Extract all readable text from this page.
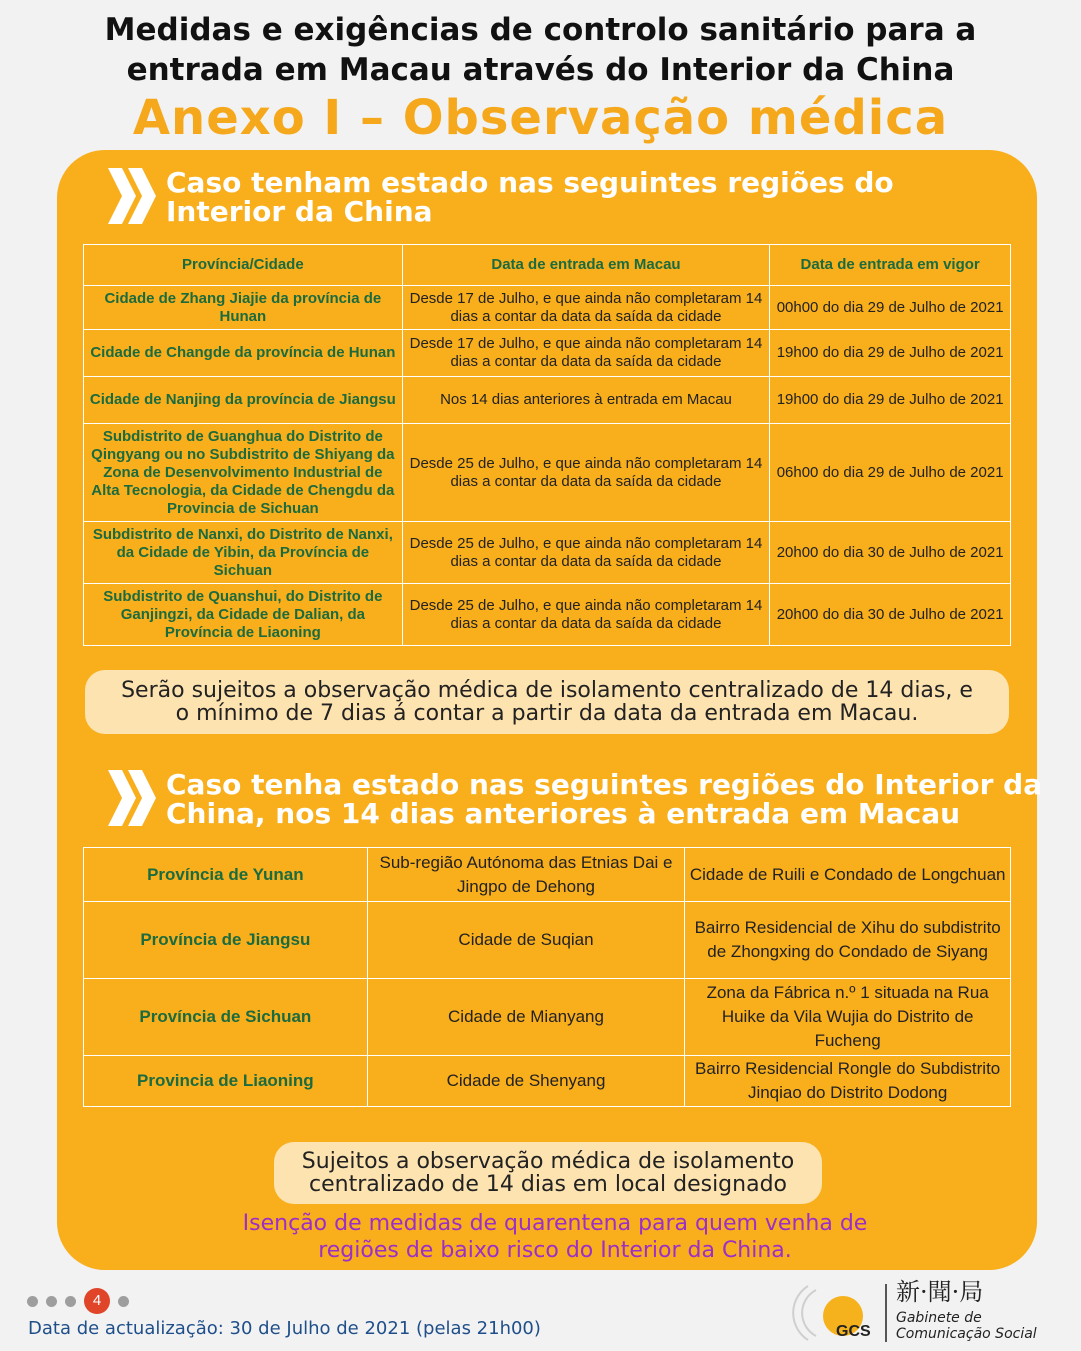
Medidas e exigências de controlo sanitário para a
entrada em Macau através do Interior da China
Anexo I – Observação médica
Caso tenham estado nas seguintes regiões do
Interior da China
Província/Cidade	Data de entrada em Macau	Data de entrada em vigor
Cidade de Zhang Jiajie da província de Hunan	Desde 17 de Julho, e que ainda não completaram 14 dias a contar da data da saída da cidade	00h00 do dia 29 de Julho de 2021
Cidade de Changde da província de Hunan	Desde 17 de Julho, e que ainda não completaram 14 dias a contar da data da saída da cidade	19h00 do dia 29 de Julho de 2021
Cidade de Nanjing da província de Jiangsu	Nos 14 dias anteriores à entrada em Macau	19h00 do dia 29 de Julho de 2021
Subdistrito de Guanghua do Distrito de Qingyang ou no Subdistrito de Shiyang da Zona de Desenvolvimento Industrial de Alta Tecnologia, da Cidade de Chengdu da Provincia de Sichuan	Desde 25 de Julho, e que ainda não completaram 14 dias a contar da data da saída da cidade	06h00 do dia 29 de Julho de 2021
Subdistrito de Nanxi, do Distrito de Nanxi, da Cidade de Yibin, da Província de Sichuan	Desde 25 de Julho, e que ainda não completaram 14 dias a contar da data da saída da cidade	20h00 do dia 30 de Julho de 2021
Subdistrito de Quanshui, do Distrito de Ganjingzi, da Cidade de Dalian, da Província de Liaoning	Desde 25 de Julho, e que ainda não completaram 14 dias a contar da data da saída da cidade	20h00 do dia 30 de Julho de 2021
Serão sujeitos a observação médica de isolamento centralizado de 14 dias, e
o mínimo de 7 dias á contar a partir da data da entrada em Macau.
Caso tenha estado nas seguintes regiões do Interior da
China, nos 14 dias anteriores à entrada em Macau
Província de Yunan	Sub-região Autónoma das Etnias Dai e Jingpo de Dehong	Cidade de Ruili e Condado de Longchuan
Província de Jiangsu	Cidade de Suqian	Bairro Residencial de Xihu do subdistrito de Zhongxing do Condado de Siyang
Província de Sichuan	Cidade de Mianyang	Zona da Fábrica n.º 1 situada na Rua Huike da Vila Wujia do Distrito de Fucheng
Provincia de Liaoning	Cidade de Shenyang	Bairro Residencial Rongle do Subdistrito Jinqiao do Distrito Dodong
Sujeitos a observação médica de isolamento
centralizado de 14 dias em local designado
Isenção de medidas de quarentena para quem venha de
regiões de baixo risco do Interior da China.
4
Data de actualização: 30 de Julho de 2021 (pelas 21h00)	GCS
新·聞·局
Gabinete de
Comunicação Social
